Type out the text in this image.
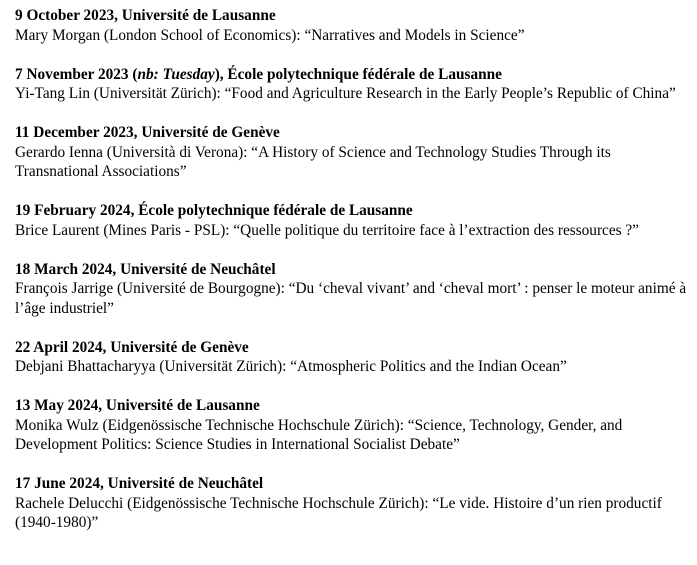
9 October 2023, Université de Lausanne
Mary Morgan (London School of Economics): “Narratives and Models in Science”
7 November 2023 (nb: Tuesday), École polytechnique fédérale de Lausanne
Yi-Tang Lin (Universität Zürich): “Food and Agriculture Research in the Early People’s Republic of China”
11 December 2023, Université de Genève
Gerardo Ienna (Università di Verona): “A History of Science and Technology Studies Through its Transnational Associations”
19 February 2024, École polytechnique fédérale de Lausanne
Brice Laurent (Mines Paris - PSL): “Quelle politique du territoire face à l’extraction des ressources ?”
18 March 2024, Université de Neuchâtel
François Jarrige (Université de Bourgogne): “Du ‘cheval vivant’ and ‘cheval mort’ : penser le moteur animé à l’âge industriel”
22 April 2024, Université de Genève
Debjani Bhattacharyya (Universität Zürich): “Atmospheric Politics and the Indian Ocean”
13 May 2024, Université de Lausanne
Monika Wulz (Eidgenössische Technische Hochschule Zürich): “Science, Technology, Gender, and Development Politics: Science Studies in International Socialist Debate”
17 June 2024, Université de Neuchâtel
Rachele Delucchi (Eidgenössische Technische Hochschule Zürich): “Le vide. Histoire d’un rien productif (1940-1980)”
